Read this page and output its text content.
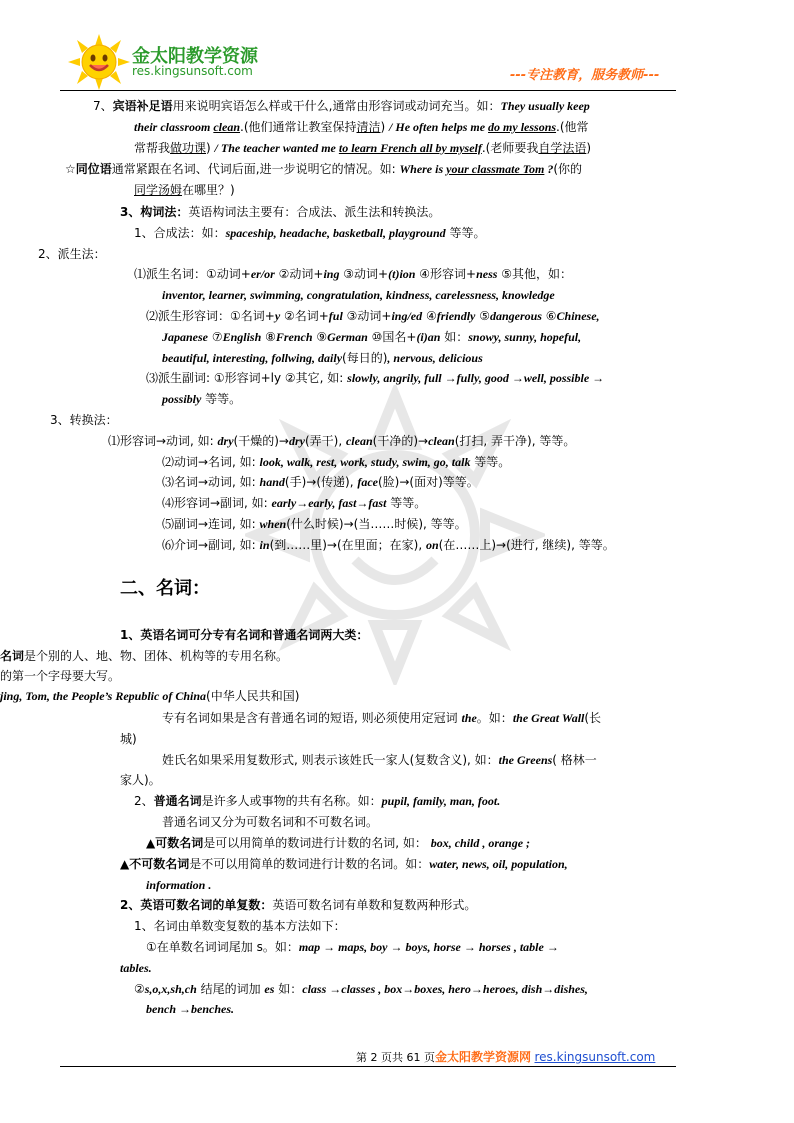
金太阳教学资源
res.kingsunsoft.com	---专注教育，服务教师---
7、宾语补足语用来说明宾语怎么样或干什么,通常由形容词或动词充当。如：They usually keep
their classroom clean.(他们通常让教室保持清洁) / He often helps me do my lessons.(他常
常帮我做功课) / The teacher wanted me to learn French all by myself.(老师要我自学法语)
☆同位语通常紧跟在名词、代词后面,进一步说明它的情况。如: Where is your classmate Tom ?(你的
同学汤姆在哪里？)
3、构词法：英语构词法主要有：合成法、派生法和转换法。
1、合成法：如：spaceship, headache, basketball, playground 等等。
2、派生法：
⑴派生名词：①动词+er/or ②动词+ing ③动词+(t)ion ④形容词+ness ⑤其他，如：
inventor, learner, swimming, congratulation, kindness, carelessness, knowledge
⑵派生形容词：①名词+y ②名词+ful ③动词+ing/ed ④friendly ⑤dangerous ⑥Chinese,
Japanese ⑦English ⑧French ⑨German ⑩国名+(i)an 如：snowy, sunny, hopeful,
beautiful, interesting, follwing, daily(每日的), nervous, delicious
⑶派生副词: ①形容词+ly ②其它, 如: slowly, angrily, full →fully, good →well, possible →
possibly 等等。
3、转换法：
⑴形容词→动词, 如: dry(干燥的)→dry(弄干), clean(干净的)→clean(打扫, 弄干净), 等等。
⑵动词→名词, 如: look, walk, rest, work, study, swim, go, talk 等等。
⑶名词→动词, 如: hand(手)→(传递), face(脸)→(面对)等等。
⑷形容词→副词, 如: early→early, fast→fast 等等。
⑸副词→连词, 如: when(什么时候)→(当……时候), 等等。
⑹介词→副词, 如: in(到……里)→(在里面；在家), on(在……上)→(进行, 继续), 等等。
二、名词：
1、英语名词可分专有名词和普通名词两大类：
名词是个别的人、地、物、团体、机构等的专用名称。
的第一个字母要大写。
jing, Tom, the People’s Republic of China(中华人民共和国)
专有名词如果是含有普通名词的短语, 则必须使用定冠词 the。如：the Great Wall(长
城)
姓氏名如果采用复数形式, 则表示该姓氏一家人(复数含义), 如：the Greens( 格林一
家人)。
2、普通名词是许多人或事物的共有名称。如：pupil, family, man, foot.
普通名词又分为可数名词和不可数名词。
▲可数名词是可以用简单的数词进行计数的名词, 如： box, child , orange ;
▲不可数名词是不可以用简单的数词进行计数的名词。如：water, news, oil, population,
information .
2、英语可数名词的单复数：英语可数名词有单数和复数两种形式。
1、名词由单数变复数的基本方法如下：
①在单数名词词尾加 s。如：map → maps, boy → boys, horse → horses , table →
tables.
②s,o,x,sh,ch 结尾的词加 es 如：class →classes , box→boxes, hero→heroes, dish→dishes,
bench →benches.
第 2 页共 61 页金太阳教学资源网 res.kingsunsoft.com
